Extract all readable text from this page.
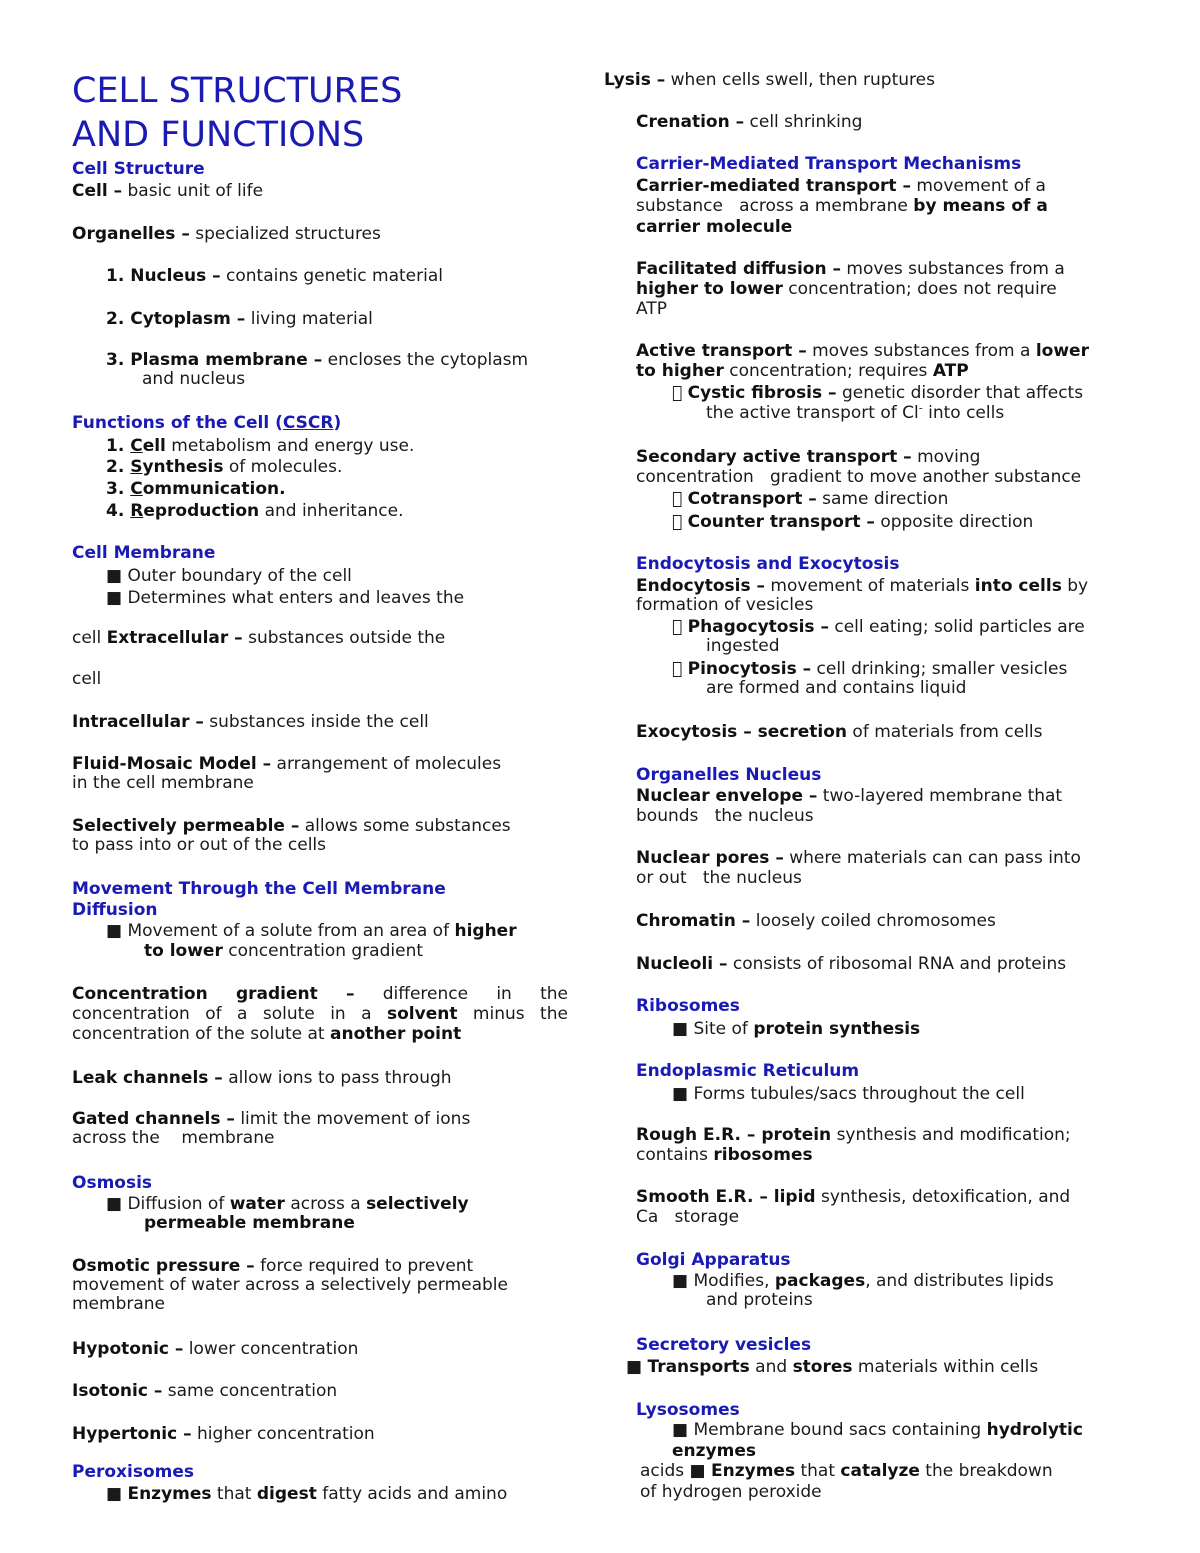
CELL STRUCTURES
AND FUNCTIONS
Cell Structure
Cell – basic unit of life
Organelles – specialized structures
1. Nucleus – contains genetic material
2. Cytoplasm – living material
3. Plasma membrane – encloses the cytoplasm
and nucleus
Functions of the Cell (CSCR)
1. Cell metabolism and energy use.
2. Synthesis of molecules.
3. Communication.
4. Reproduction and inheritance.
Cell Membrane
■ Outer boundary of the cell
■ Determines what enters and leaves the
cell Extracellular – substances outside the
cell
Intracellular – substances inside the cell
Fluid-Mosaic Model – arrangement of molecules
in the cell membrane
Selectively permeable – allows some substances
to pass into or out of the cells
Movement Through the Cell Membrane
Diffusion
■ Movement of a solute from an area of higher
to lower concentration gradient
Concentration gradient – difference in the
concentration of a solute in a solvent minus the
concentration of the solute at another point
Leak channels – allow ions to pass through
Gated channels – limit the movement of ions
across the    membrane
Osmosis
■ Diffusion of water across a selectively
permeable membrane
Osmotic pressure – force required to prevent
movement of water across a selectively permeable
membrane
Hypotonic – lower concentration
Isotonic – same concentration
Hypertonic – higher concentration
Peroxisomes
■ Enzymes that digest fatty acids and amino
Lysis – when cells swell, then ruptures
Crenation – cell shrinking
Carrier-Mediated Transport Mechanisms
Carrier-mediated transport – movement of a
substance   across a membrane by means of a
carrier molecule
Facilitated diffusion – moves substances from a
higher to lower concentration; does not require
ATP
Active transport – moves substances from a lower
to higher concentration; requires ATP
Cystic fibrosis – genetic disorder that affects
the active transport of Cl- into cells
Secondary active transport – moving
concentration   gradient to move another substance
Cotransport – same direction
Counter transport – opposite direction
Endocytosis and Exocytosis
Endocytosis – movement of materials into cells by
formation of vesicles
Phagocytosis – cell eating; solid particles are
ingested
Pinocytosis – cell drinking; smaller vesicles
are formed and contains liquid
Exocytosis – secretion of materials from cells
Organelles Nucleus
Nuclear envelope – two-layered membrane that
bounds   the nucleus
Nuclear pores – where materials can can pass into
or out   the nucleus
Chromatin – loosely coiled chromosomes
Nucleoli – consists of ribosomal RNA and proteins
Ribosomes
■ Site of protein synthesis
Endoplasmic Reticulum
■ Forms tubules/sacs throughout the cell
Rough E.R. – protein synthesis and modification;
contains ribosomes
Smooth E.R. – lipid synthesis, detoxification, and
Ca   storage
Golgi Apparatus
■ Modifies, packages, and distributes lipids
and proteins
Secretory vesicles
■ Transports and stores materials within cells
Lysosomes
■ Membrane bound sacs containing hydrolytic
enzymes
acids ■ Enzymes that catalyze the breakdown
of hydrogen peroxide
